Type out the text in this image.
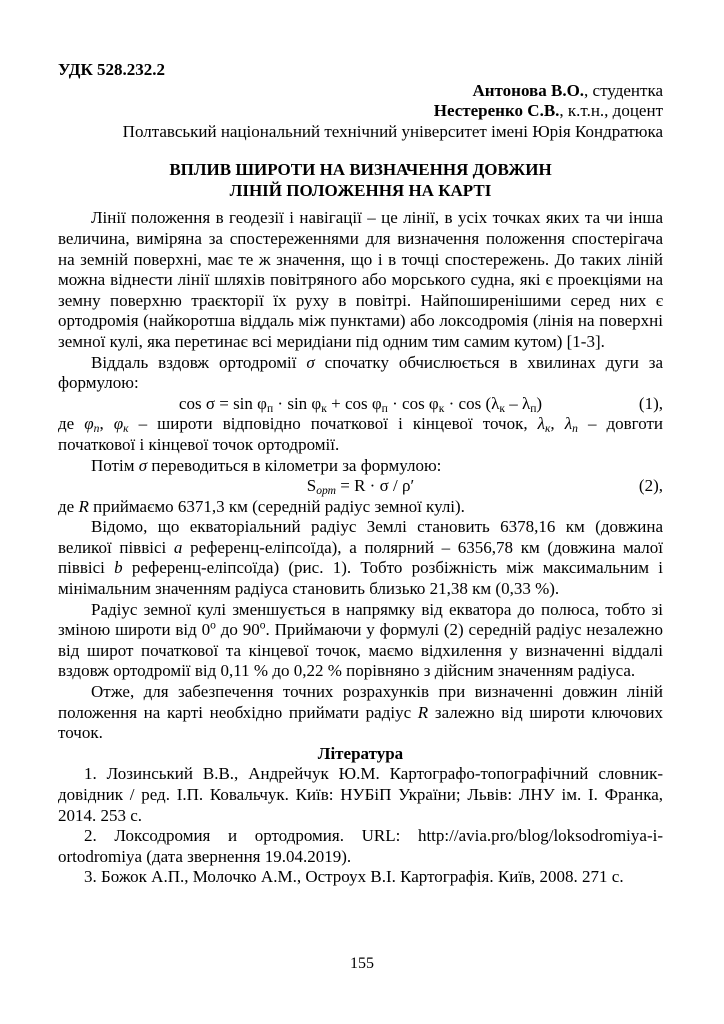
УДК 528.232.2

Антонова В.О., студентка

Нестеренко С.В., к.т.н., доцент

Полтавський національний технічний університет імені Юрія Кондратюка

ВПЛИВ ШИРОТИ НА ВИЗНАЧЕННЯ ДОВЖИН
ЛІНІЙ ПОЛОЖЕННЯ НА КАРТІ

Лінії положення в геодезії і навігації – це лінії, в усіх точках яких та чи інша величина, виміряна за спостереженнями для визначення положення спостерігача на земній поверхні, має те ж значення, що і в точці спостережень. До таких ліній можна віднести лінії шляхів повітряного або морського судна, які є проекціями на земну поверхню траєкторії їх руху в повітрі. Найпоширенішими серед них є ортодромія (найкоротша віддаль між пунктами) або локсодромія (лінія на поверхні земної кулі, яка перетинає всі меридіани під одним тим самим кутом) [1-3].

Віддаль вздовж ортодромії σ спочатку обчислюється в хвилинах дуги за формулою:

$\cos \sigma = \sin \varphi_п \cdot \sin \varphi_к + \cos \varphi_п \cdot \cos \varphi_к \cdot \cos (\lambda_к - \lambda_п)$	(1),

де $\varphi_п$, $\varphi_к$ – широти відповідно початкової і кінцевої точок, $\lambda_к$, $\lambda_п$ – довготи початкової і кінцевої точок ортодромії.

Потім σ переводиться в кілометри за формулою:

$S_{орт} = R \cdot \sigma / \rho'$	(2),

де R приймаємо 6371,3 км (середній радіус земної кулі).

Відомо, що екваторіальний радіус Землі становить 6378,16 км (довжина великої піввісі a референц-еліпсоїда), а полярний – 6356,78 км (довжина малої піввісі b референц-еліпсоїда) (рис. 1). Тобто розбіжність між максимальним і мінімальним значенням радіуса становить близько 21,38 км (0,33 %).

Радіус земної кулі зменшується в напрямку від екватора до полюса, тобто зі зміною широти від $0^о$ до $90^о$. Приймаючи у формулі (2) середній радіус незалежно від широт початкової та кінцевої точок, маємо відхилення у визначенні віддалі вздовж ортодромії від 0,11 % до 0,22 % порівняно з дійсним значенням радіуса.

Отже, для забезпечення точних розрахунків при визначенні довжин ліній положення на карті необхідно приймати радіус R залежно від широти ключових точок.

Література

1. Лозинський В.В., Андрейчук Ю.М. Картографо-топографічний словник-довідник / ред. І.П. Ковальчук. Київ: НУБіП України; Львів: ЛНУ ім. І. Франка, 2014. 253 с.

2. Локсодромия и ортодромия. URL: http://avia.pro/blog/loksodromiya-i-ortodromiya (дата звернення 19.04.2019).

3. Божок А.П., Молочко А.М., Остроух В.І. Картографія. Київ, 2008. 271 с.

155
